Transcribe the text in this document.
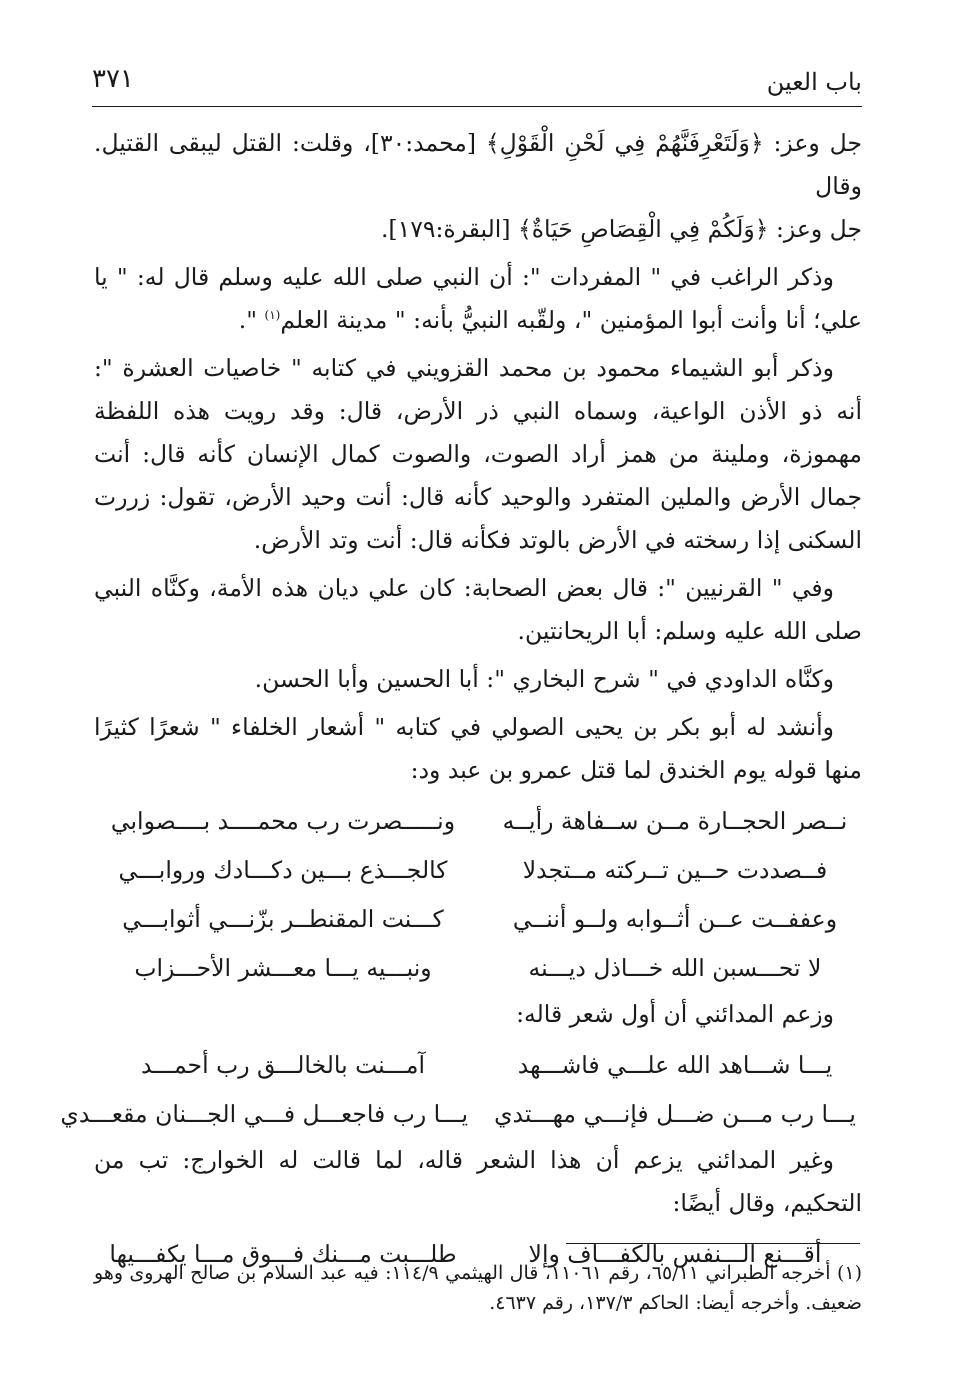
باب العين
٣٧١

جل وعز: ﴿وَلَتَعْرِفَنَّهُمْ فِي لَحْنِ الْقَوْلِ﴾ [محمد:٣٠]، وقلت: القتل ليبقى القتيل. وقال
جل وعز: ﴿وَلَكُمْ فِي الْقِصَاصِ حَيَاةٌ﴾ [البقرة:١٧٩].

وذكر الراغب في " المفردات ": أن النبي صلى الله عليه وسلم قال له: " يا علي؛ أنا وأنت أبوا المؤمنين "، ولقّبه النبيُّ بأنه: " مدينة العلم$^{(١)}$ ".

وذكر أبو الشيماء محمود بن محمد القزويني في كتابه " خاصيات العشرة ": أنه ذو الأذن الواعية، وسماه النبي ذر الأرض، قال: وقد رويت هذه اللفظة مهموزة، وملينة من همز أراد الصوت، والصوت كمال الإنسان كأنه قال: أنت جمال الأرض والملين المتفرد والوحيد كأنه قال: أنت وحيد الأرض، تقول: زررت السكنى إذا رسخته في الأرض بالوتد فكأنه قال: أنت وتد الأرض.

وفي " القرنيين ": قال بعض الصحابة: كان علي ديان هذه الأمة، وكنَّاه النبي صلى الله عليه وسلم: أبا الريحانتين.

وكنَّاه الداودي في " شرح البخاري ": أبا الحسين وأبا الحسن.

وأنشد له أبو بكر بن يحيى الصولي في كتابه " أشعار الخلفاء " شعرًا كثيرًا منها قوله يوم الخندق لما قتل عمرو بن عبد ود:

نــصر الحجــارة مــن ســفاهة رأيــه
ونـــــصرت رب محمــــد بــــصوابي
فــصددت حــين تــركته مــتجدلا
كالجـــذع بـــين دكـــادك وروابـــي
وعففــت عــن أثــوابه ولــو أننــي
كـــنت المقنطــر بزّنـــي أثوابـــي
لا تحـــسبن الله خـــاذل ديـــنه
ونبـــيه يـــا معـــشر الأحـــزاب

وزعم المدائني أن أول شعر قاله:

يـــا شـــاهد الله علـــي فاشـــهد
آمـــنت بالخالـــق رب أحمـــد
يـــا رب مـــن ضـــل فإنـــي مهـــتدي
يـــا رب فاجعـــل فـــي الجـــنان مقعـــدي

وغير المدائني يزعم أن هذا الشعر قاله، لما قالت له الخوارج: تب من التحكيم، وقال أيضًا:

أقـــنع الـــنفس بالكفـــاف وإلا
طلـــبت مـــنك فـــوق مـــا يكفـــيها

(١) أخرجه الطبراني ٦٥/١١، رقم ١١٠٦١، قال الهيثمي ١١٤/٩: فيه عبد السلام بن صالح الهروى وهو ضعيف. وأخرجه أيضا: الحاكم ١٣٧/٣، رقم ٤٦٣٧.
